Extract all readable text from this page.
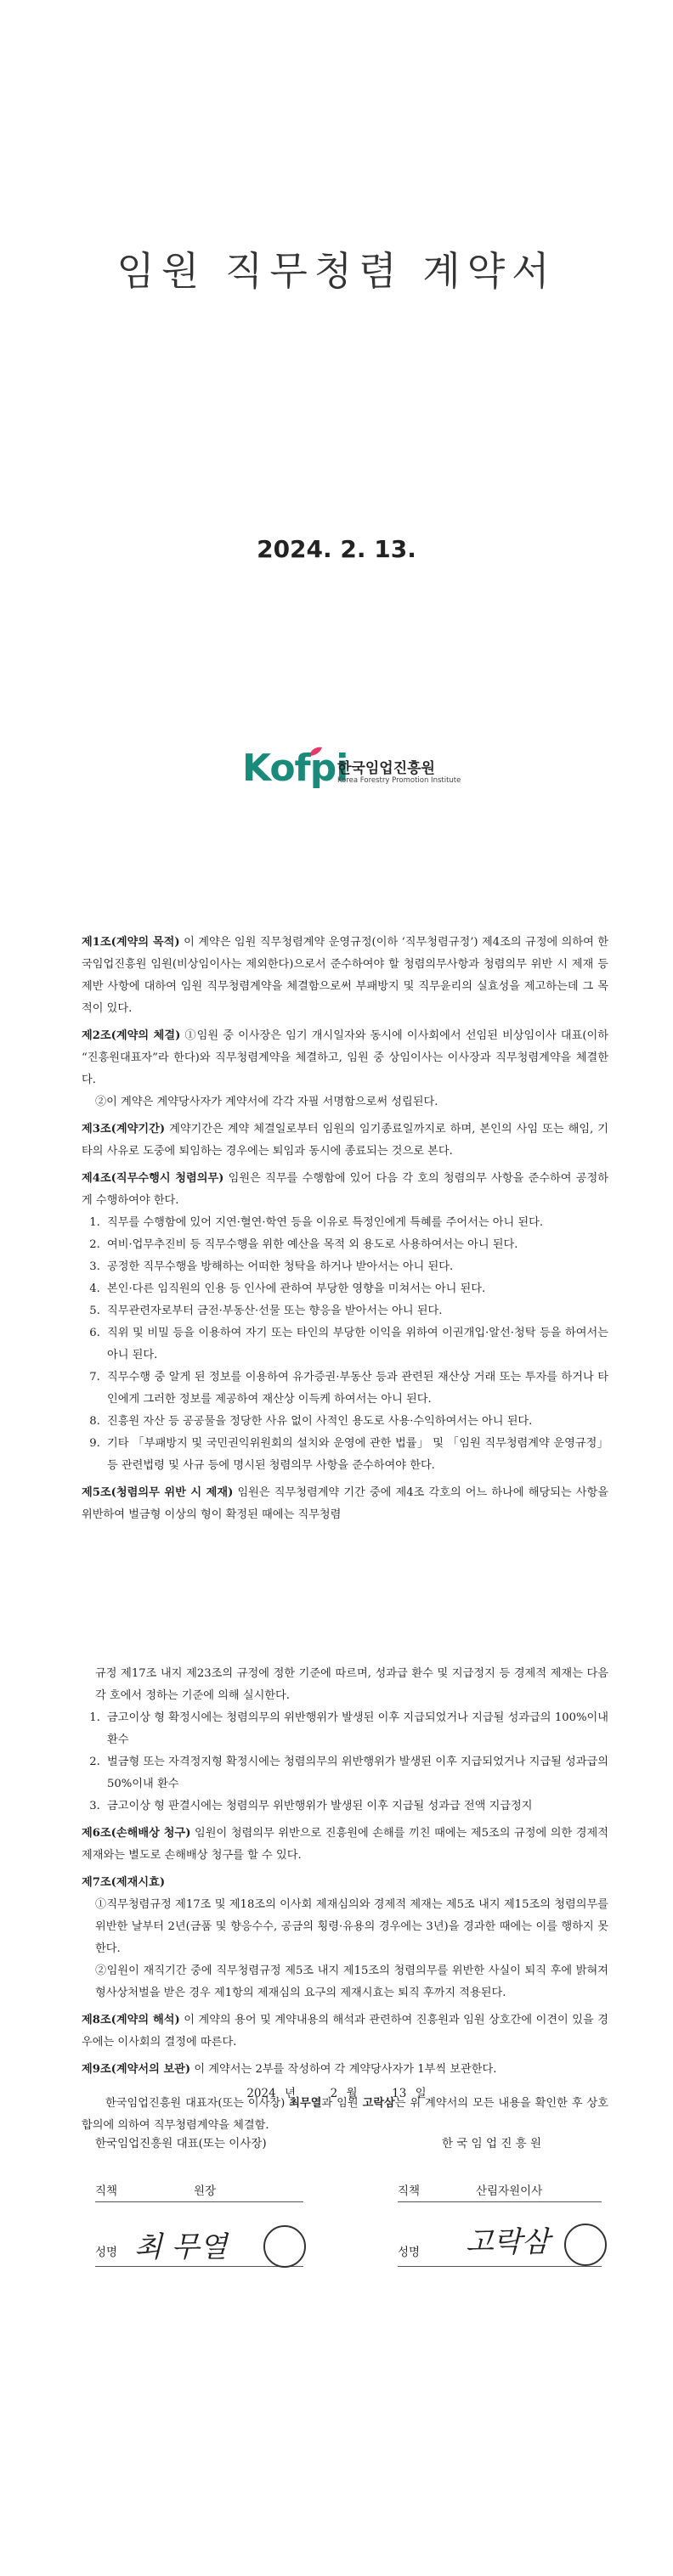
임원 직무청렴 계약서
2024. 2. 13.
Kofpi
한국임업진흥원
Korea Forestry Promotion Institute

제1조(계약의 목적) 이 계약은 임원 직무청렴계약 운영규정(이하 ‘직무청렴규정’) 제4조의 규정에 의하여 한국임업진흥원 임원(비상임이사는 제외한다)으로서 준수하여야 할 청렴의무사항과 청렴의무 위반 시 제재 등 제반 사항에 대하여 임원 직무청렴계약을 체결함으로써 부패방지 및 직무윤리의 실효성을 제고하는데 그 목적이 있다.

제2조(계약의 체결) ①임원 중 이사장은 임기 개시일자와 동시에 이사회에서 선임된 비상임이사 대표(이하 “진흥원대표자”라 한다)와 직무청렴계약을 체결하고, 임원 중 상임이사는 이사장과 직무청렴계약을 체결한다.

②이 계약은 계약당사자가 계약서에 각각 자필 서명함으로써 성립된다.

제3조(계약기간) 계약기간은 계약 체결일로부터 임원의 임기종료일까지로 하며, 본인의 사임 또는 해임, 기타의 사유로 도중에 퇴임하는 경우에는 퇴임과 동시에 종료되는 것으로 본다.

제4조(직무수행시 청렴의무) 임원은 직무를 수행함에 있어 다음 각 호의 청렴의무 사항을 준수하여 공정하게 수행하여야 한다.

1. 직무를 수행함에 있어 지연·혈연·학연 등을 이유로 특정인에게 특혜를 주어서는 아니 된다.
2. 여비·업무추진비 등 직무수행을 위한 예산을 목적 외 용도로 사용하여서는 아니 된다.
3. 공정한 직무수행을 방해하는 어떠한 청탁을 하거나 받아서는 아니 된다.
4. 본인·다른 임직원의 인용 등 인사에 관하여 부당한 영향을 미쳐서는 아니 된다.
5. 직무관련자로부터 금전·부동산·선물 또는 향응을 받아서는 아니 된다.
6. 직위 및 비밀 등을 이용하여 자기 또는 타인의 부당한 이익을 위하여 이권개입·알선·청탁 등을 하여서는 아니 된다.
7. 직무수행 중 알게 된 정보를 이용하여 유가증권·부동산 등과 관련된 재산상 거래 또는 투자를 하거나 타인에게 그러한 정보를 제공하여 재산상 이득케 하여서는 아니 된다.
8. 진흥원 자산 등 공공물을 정당한 사유 없이 사적인 용도로 사용·수익하여서는 아니 된다.
9. 기타 「부패방지 및 국민권익위원회의 설치와 운영에 관한 법률」 및 「임원 직무청렴계약 운영규정」 등 관련법령 및 사규 등에 명시된 청렴의무 사항을 준수하여야 한다.

제5조(청렴의무 위반 시 제재) 임원은 직무청렴계약 기간 중에 제4조 각호의 어느 하나에 해당되는 사항을 위반하여 벌금형 이상의 형이 확정된 때에는 직무청렴

규정 제17조 내지 제23조의 규정에 정한 기준에 따르며, 성과급 환수 및 지급정지 등 경제적 제재는 다음 각 호에서 정하는 기준에 의해 실시한다.

1. 금고이상 형 확정시에는 청렴의무의 위반행위가 발생된 이후 지급되었거나 지급될 성과급의 100%이내 환수
2. 벌금형 또는 자격정지형 확정시에는 청렴의무의 위반행위가 발생된 이후 지급되었거나 지급될 성과급의 50%이내 환수
3. 금고이상 형 판결시에는 청렴의무 위반행위가 발생된 이후 지급될 성과급 전액 지급정지

제6조(손해배상 청구) 임원이 청렴의무 위반으로 진흥원에 손해를 끼친 때에는 제5조의 규정에 의한 경제적 제재와는 별도로 손해배상 청구를 할 수 있다.

제7조(제재시효)

①직무청렴규정 제17조 및 제18조의 이사회 제재심의와 경제적 제재는 제5조 내지 제15조의 청렴의무를 위반한 날부터 2년(금품 및 향응수수, 공금의 횡령·유용의 경우에는 3년)을 경과한 때에는 이를 행하지 못한다.

②임원이 재직기간 중에 직무청렴규정 제5조 내지 제15조의 청렴의무를 위반한 사실이 퇴직 후에 밝혀져 형사상처벌을 받은 경우 제1항의 제재심의 요구의 제재시효는 퇴직 후까지 적용된다.

제8조(계약의 해석) 이 계약의 용어 및 계약내용의 해석과 관련하여 진흥원과 임원 상호간에 이견이 있을 경우에는 이사회의 결정에 따른다.

제9조(계약서의 보관) 이 계약서는 2부를 작성하여 각 계약당사자가 1부씩 보관한다.

한국임업진흥원 대표자(또는 이사장) 최무열과 임원 고락삼는 위 계약서의 모든 내용을 확인한 후 상호합의에 의하여 직무청렴계약을 체결함.

2024 년	2 월	13 일
한국임업진흥원 대표(또는 이사장)
직책	원장
성명 최 무열
한 국 임 업 진 흥 원
직책	산림자원이사
성명 고락삼
